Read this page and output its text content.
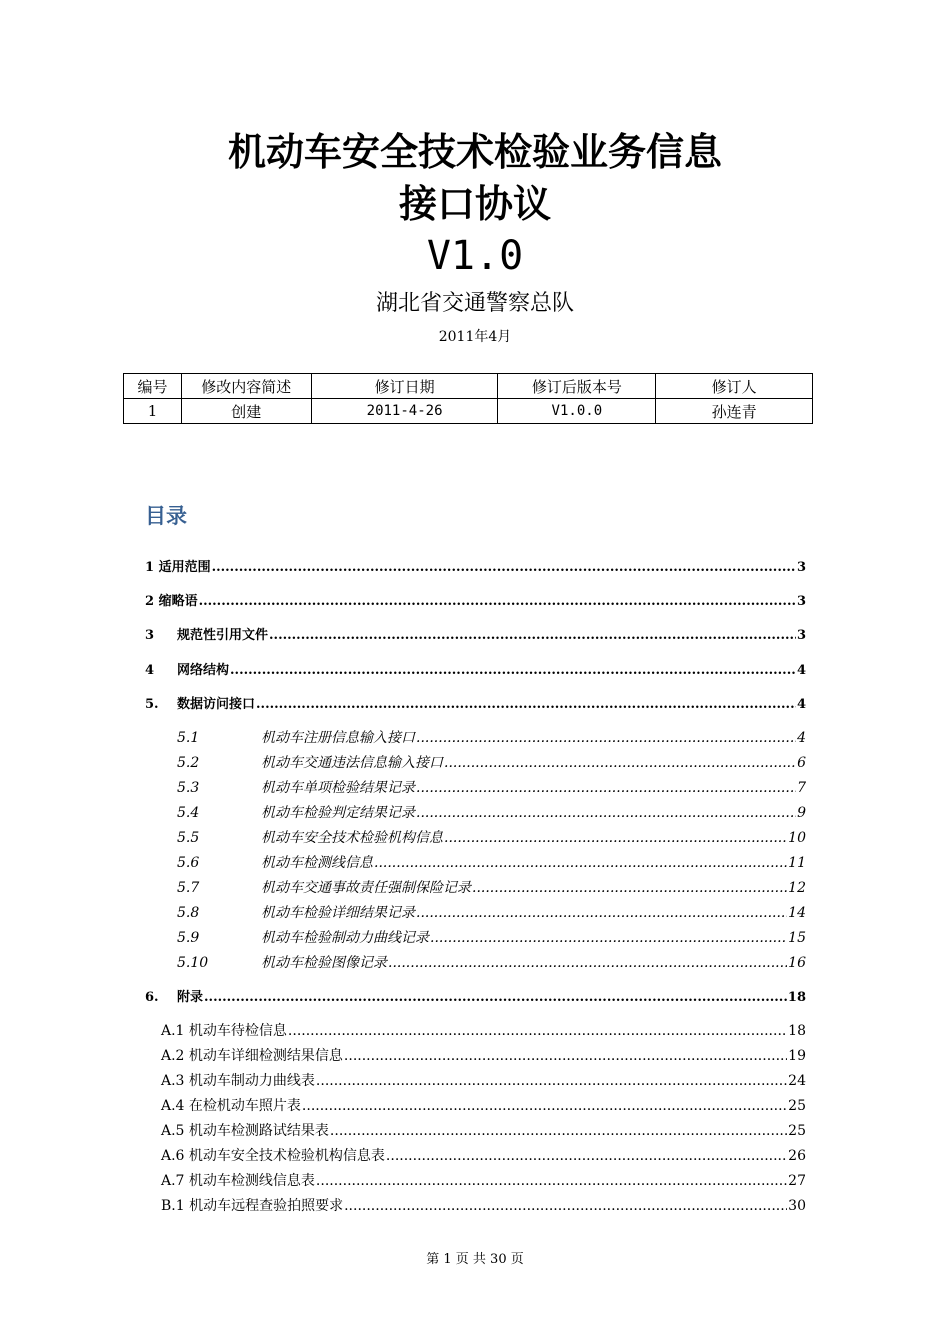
机动车安全技术检验业务信息
接口协议
V1.0
湖北省交通警察总队
2011年4月
编号	修改内容简述	修订日期	修订后版本号	修订人
1	创建	2011-4-26	V1.0.0	孙连青
目录
1 适用范围 .....	3
2 缩略语 .....	3
3	规范性引用文件 .....	3
4	网络结构 .....	4
5.	数据访问接口 .....	4
5.1	机动车注册信息输入接口 .....	4
5.2	机动车交通违法信息输入接口 .....	6
5.3	机动车单项检验结果记录 .....	7
5.4	机动车检验判定结果记录 .....	9
5.5	机动车安全技术检验机构信息 .....	10
5.6	机动车检测线信息 .....	11
5.7	机动车交通事故责任强制保险记录 .....	12
5.8	机动车检验详细结果记录 .....	14
5.9	机动车检验制动力曲线记录 .....	15
5.10	机动车检验图像记录 .....	16
6.	附录 .....	18
A.1 机动车待检信息 .....	18
A.2 机动车详细检测结果信息 .....	19
A.3 机动车制动力曲线表 .....	24
A.4 在检机动车照片表 .....	25
A.5 机动车检测路试结果表 .....	25
A.6 机动车安全技术检验机构信息表 .....	26
A.7 机动车检测线信息表 .....	27
B.1 机动车远程查验拍照要求 .....	30
第 1 页 共 30 页
